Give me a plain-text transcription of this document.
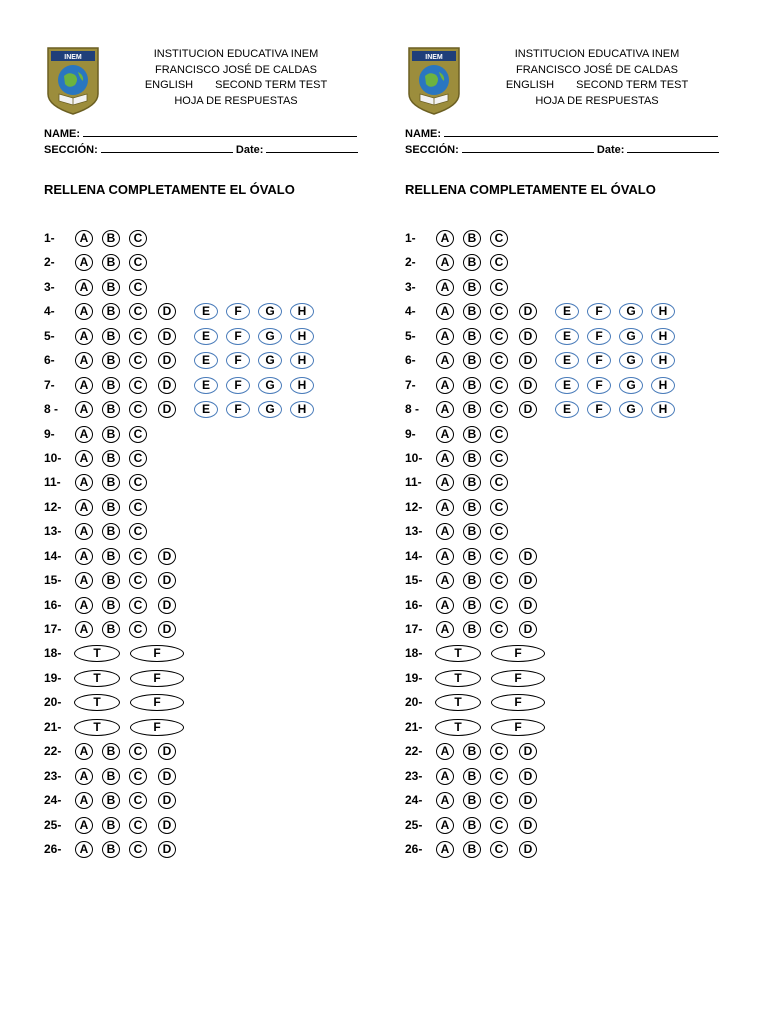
INEM	INSTITUCION EDUCATIVA INEM
FRANCISCO JOSÉ DE CALDAS
ENGLISH SECOND TERM TEST
HOJA DE RESPUESTAS
NAME:
SECCIÓN:	Date:
RELLENA COMPLETAMENTE EL ÓVALO
1-	A	B	C
2-	A	B	C
3-	A	B	C
4-	A	B	C	D	E	F	G	H
5-	A	B	C	D	E	F	G	H
6-	A	B	C	D	E	F	G	H
7-	A	B	C	D	E	F	G	H
8 -	A	B	C	D	E	F	G	H
9-	A	B	C
10-	A	B	C
11-	A	B	C
12-	A	B	C
13-	A	B	C
14-	A	B	C	D
15-	A	B	C	D
16-	A	B	C	D
17-	A	B	C	D
18-	T	F
19-	T	F
20-	T	F
21-	T	F
22-	A	B	C	D
23-	A	B	C	D
24-	A	B	C	D
25-	A	B	C	D
26-	A	B	C	D
INEM	INSTITUCION EDUCATIVA INEM
FRANCISCO JOSÉ DE CALDAS
ENGLISH SECOND TERM TEST
HOJA DE RESPUESTAS
NAME:
SECCIÓN:	Date:
RELLENA COMPLETAMENTE EL ÓVALO
1-	A	B	C
2-	A	B	C
3-	A	B	C
4-	A	B	C	D	E	F	G	H
5-	A	B	C	D	E	F	G	H
6-	A	B	C	D	E	F	G	H
7-	A	B	C	D	E	F	G	H
8 -	A	B	C	D	E	F	G	H
9-	A	B	C
10-	A	B	C
11-	A	B	C
12-	A	B	C
13-	A	B	C
14-	A	B	C	D
15-	A	B	C	D
16-	A	B	C	D
17-	A	B	C	D
18-	T	F
19-	T	F
20-	T	F
21-	T	F
22-	A	B	C	D
23-	A	B	C	D
24-	A	B	C	D
25-	A	B	C	D
26-	A	B	C	D
